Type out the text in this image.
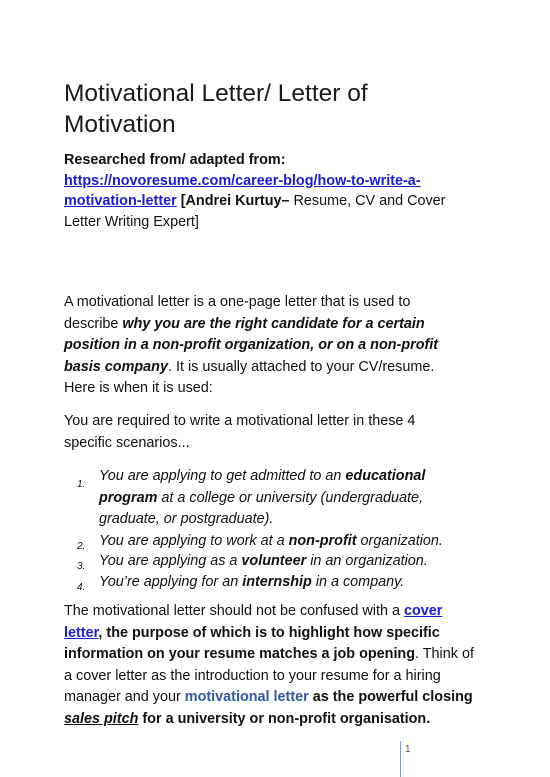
Motivational Letter/ Letter of Motivation
Researched from/ adapted from:
https://novoresume.com/career-blog/how-to-write-a-motivation-letter [Andrei Kurtuy– Resume, CV and Cover Letter Writing Expert]
A motivational letter is a one-page letter that is used to describe why you are the right candidate for a certain position in a non-profit organization, or on a non-profit basis company. It is usually attached to your CV/resume. Here is when it is used:
You are required to write a motivational letter in these 4 specific scenarios...
1.
You are applying to get admitted to an educational program at a college or university (undergraduate, graduate, or postgraduate).
2. You are applying to work at a non-profit organization.
3. You are applying as a volunteer in an organization.
4. You’re applying for an internship in a company.
The motivational letter should not be confused with a cover letter, the purpose of which is to highlight how specific information on your resume matches a job opening. Think of a cover letter as the introduction to your resume for a hiring manager and your motivational letter as the powerful closing sales pitch for a university or non-profit organisation.
1
